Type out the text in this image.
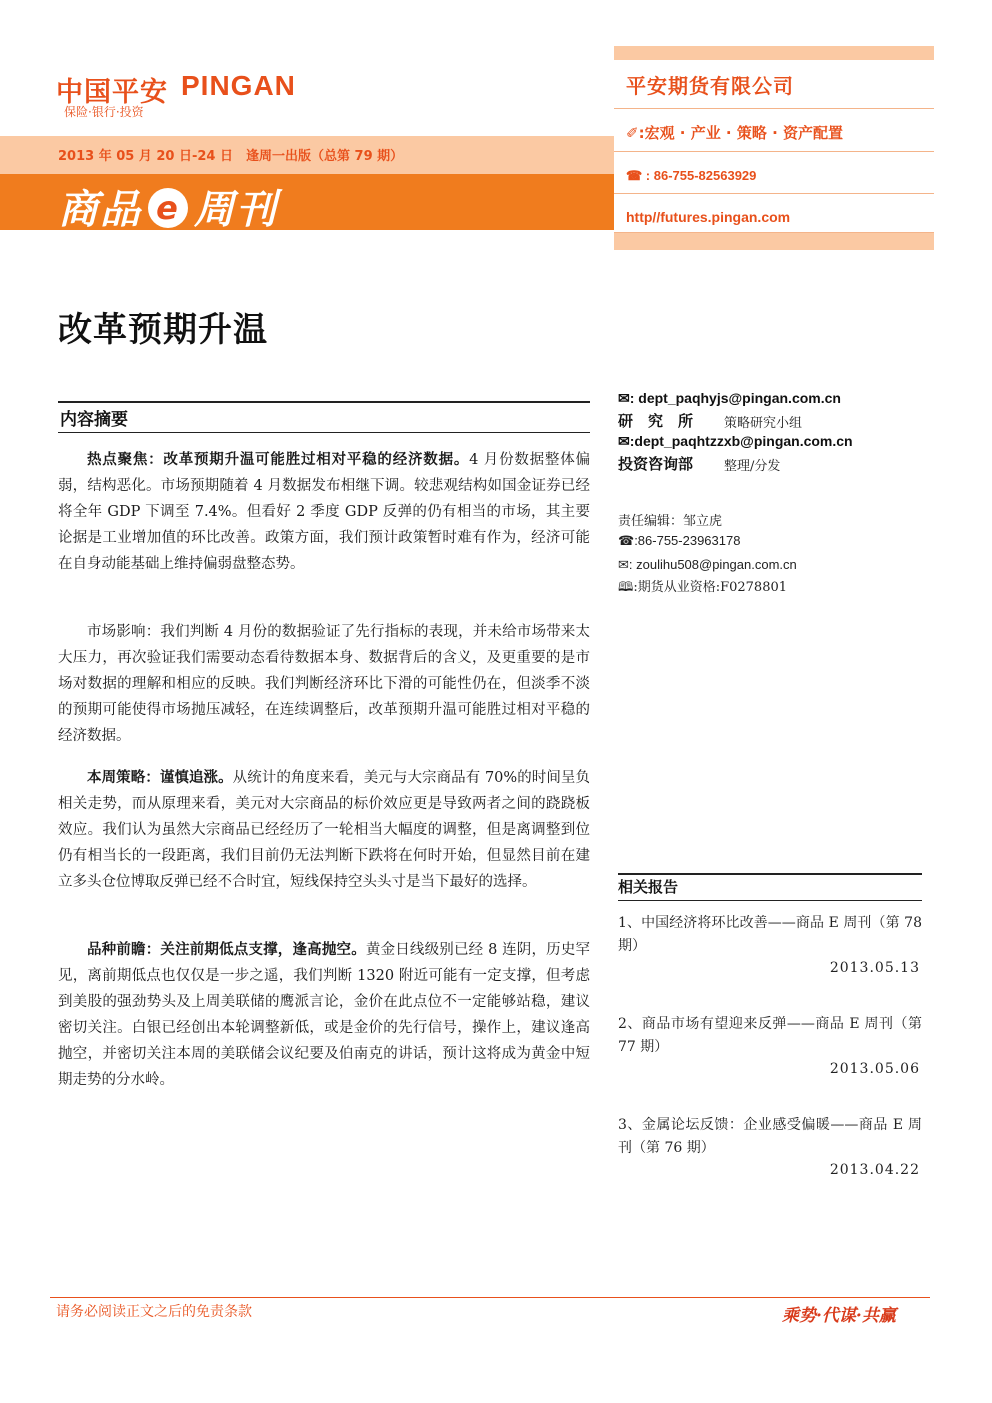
中国平安 PINGAN
保险·银行·投资
2013 年 05 月 20 日-24 日　逢周一出版（总第 79 期）
商品 e 周刊
平安期货有限公司
✐:宏观 · 产业 · 策略 · 资产配置
☎ : 86-755-82563929
http//futures.pingan.com
改革预期升温
内容摘要
热点聚焦：改革预期升温可能胜过相对平稳的经济数据。4 月份数据整体偏弱，结构恶化。市场预期随着 4 月数据发布相继下调。较悲观结构如国金证券已经将全年 GDP 下调至 7.4%。但看好 2 季度 GDP 反弹的仍有相当的市场，其主要论据是工业增加值的环比改善。政策方面，我们预计政策暂时难有作为，经济可能在自身动能基础上维持偏弱盘整态势。
市场影响：我们判断 4 月份的数据验证了先行指标的表现，并未给市场带来太大压力，再次验证我们需要动态看待数据本身、数据背后的含义，及更重要的是市场对数据的理解和相应的反映。我们判断经济环比下滑的可能性仍在，但淡季不淡的预期可能使得市场抛压减轻，在连续调整后，改革预期升温可能胜过相对平稳的经济数据。
本周策略：谨慎追涨。从统计的角度来看，美元与大宗商品有 70%的时间呈负相关走势，而从原理来看，美元对大宗商品的标价效应更是导致两者之间的跷跷板效应。我们认为虽然大宗商品已经经历了一轮相当大幅度的调整，但是离调整到位仍有相当长的一段距离，我们目前仍无法判断下跌将在何时开始，但显然目前在建立多头仓位博取反弹已经不合时宜，短线保持空头头寸是当下最好的选择。
品种前瞻：关注前期低点支撑，逢高抛空。黄金日线级别已经 8 连阴，历史罕见，离前期低点也仅仅是一步之遥，我们判断 1320 附近可能有一定支撑，但考虑到美股的强劲势头及上周美联储的鹰派言论，金价在此点位不一定能够站稳，建议密切关注。白银已经创出本轮调整新低，或是金价的先行信号，操作上，建议逢高抛空，并密切关注本周的美联储会议纪要及伯南克的讲话，预计这将成为黄金中短期走势的分水岭。
✉: dept_paqhyjs@pingan.com.cn
研　究　所 策略研究小组
✉:dept_paqhtzzxb@pingan.com.cn
投资咨询部 整理/分发
责任编辑：邹立虎
☎:86-755-23963178
✉: zoulihu508@pingan.com.cn
🕮:期货从业资格:F0278801
相关报告
1、中国经济将环比改善——商品 E 周刊（第 78 期）
2013.05.13
2、商品市场有望迎来反弹——商品 E 周刊（第 77 期）
2013.05.06
3、金属论坛反馈：企业感受偏暖——商品 E 周刊（第 76 期）
2013.04.22
请务必阅读正文之后的免责条款	乘势·代谋·共赢
